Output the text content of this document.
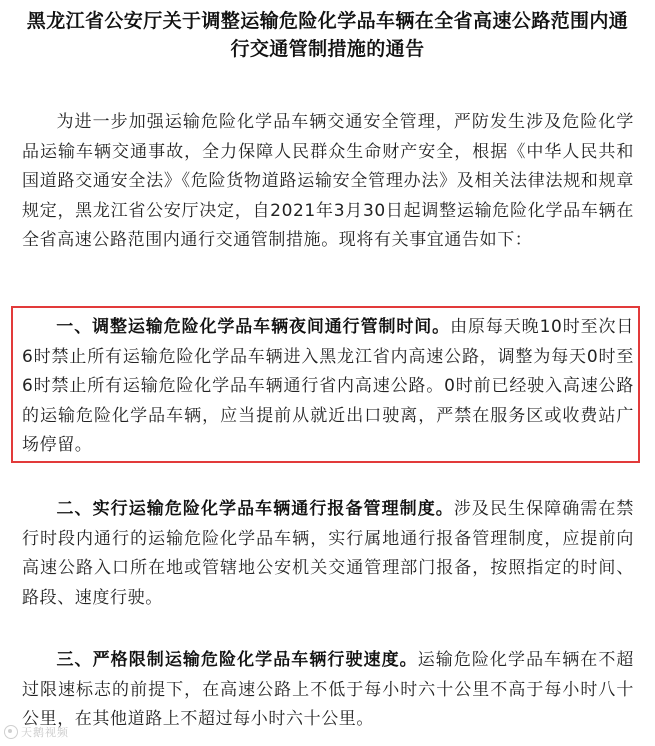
黑龙江省公安厅关于调整运输危险化学品车辆在全省高速公路范围内通
行交通管制措施的通告

为进一步加强运输危险化学品车辆交通安全管理，严防发生涉及危险化学品运输车辆交通事故，全力保障人民群众生命财产安全，根据《中华人民共和国道路交通安全法》《危险货物道路运输安全管理办法》及相关法律法规和规章规定，黑龙江省公安厅决定，自2021年3月30日起调整运输危险化学品车辆在全省高速公路范围内通行交通管制措施。现将有关事宜通告如下：

一、调整运输危险化学品车辆夜间通行管制时间。由原每天晚10时至次日6时禁止所有运输危险化学品车辆进入黑龙江省内高速公路，调整为每天0时至6时禁止所有运输危险化学品车辆通行省内高速公路。0时前已经驶入高速公路的运输危险化学品车辆，应当提前从就近出口驶离，严禁在服务区或收费站广场停留。

二、实行运输危险化学品车辆通行报备管理制度。涉及民生保障确需在禁行时段内通行的运输危险化学品车辆，实行属地通行报备管理制度，应提前向高速公路入口所在地或管辖地公安机关交通管理部门报备，按照指定的时间、路段、速度行驶。

三、严格限制运输危险化学品车辆行驶速度。运输危险化学品车辆在不超过限速标志的前提下，在高速公路上不低于每小时六十公里不高于每小时八十公里，在其他道路上不超过每小时六十公里。

天鹅视频
